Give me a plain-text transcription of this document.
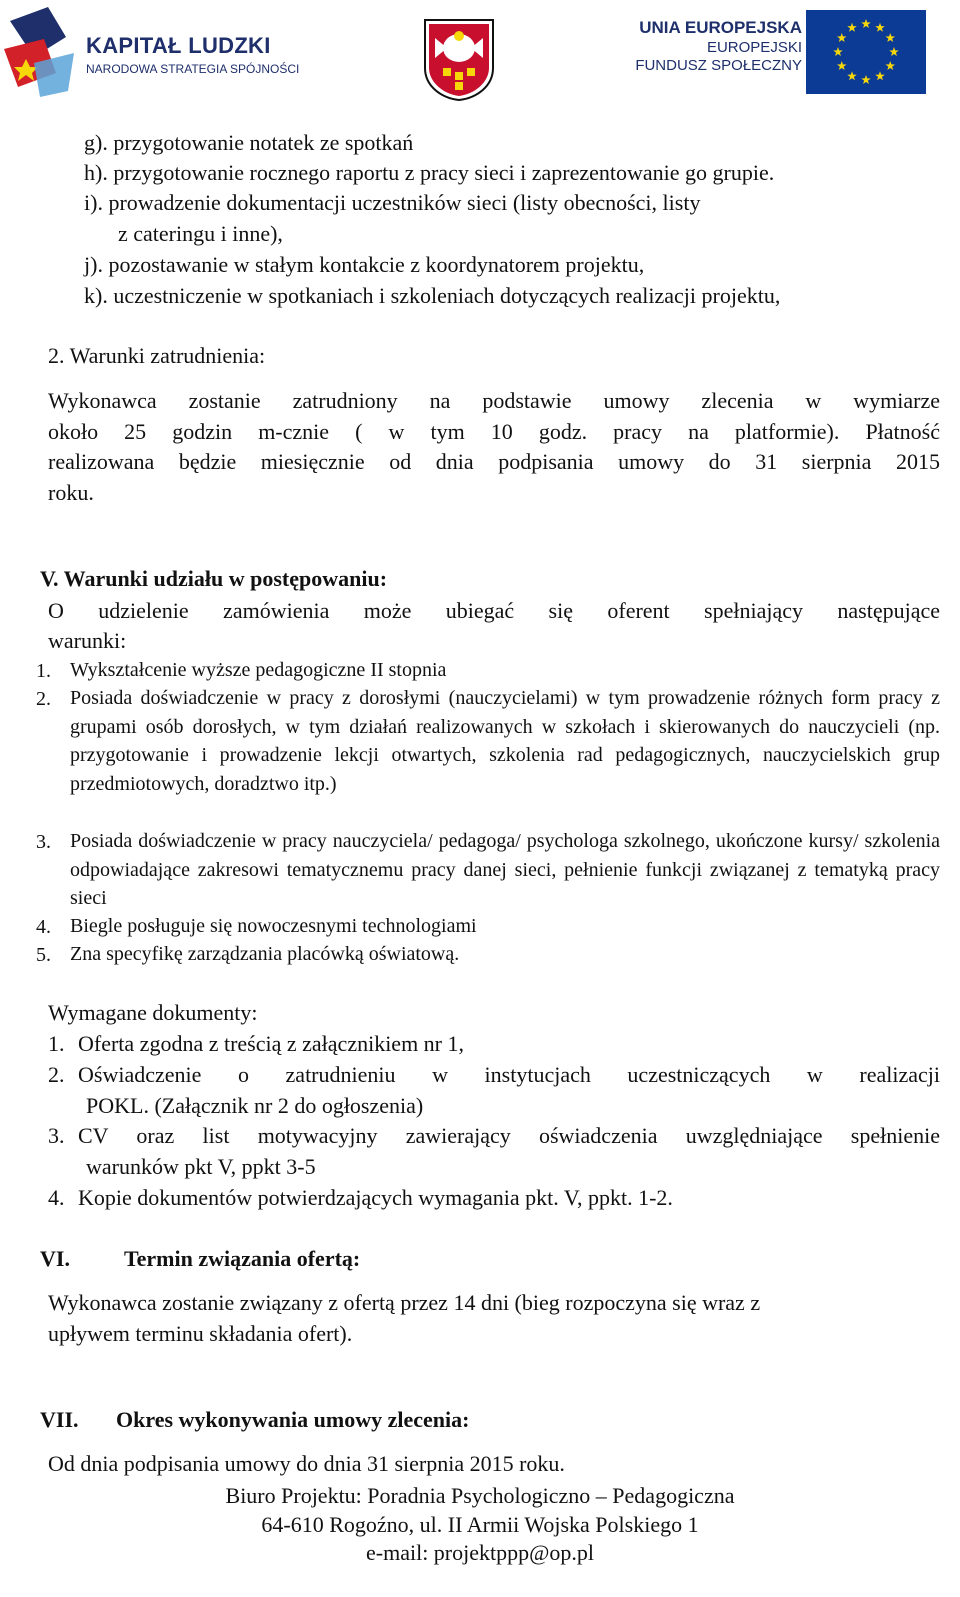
KAPITAŁ LUDZKI
NARODOWA STRATEGIA SPÓJNOŚCI
UNIA EUROPEJSKA
EUROPEJSKI
FUNDUSZ SPOŁECZNY
g). przygotowanie notatek ze spotkań
h). przygotowanie rocznego raportu z pracy sieci i zaprezentowanie go grupie.
i). prowadzenie dokumentacji uczestników sieci (listy obecności, listy
z cateringu i inne),
j). pozostawanie w stałym kontakcie z koordynatorem projektu,
k). uczestniczenie w spotkaniach i szkoleniach dotyczących realizacji projektu,
2. Warunki zatrudnienia:
Wykonawca zostanie zatrudniony na podstawie umowy zlecenia w wymiarze
około 25 godzin m-cznie ( w tym 10 godz. pracy na platformie). Płatność
realizowana będzie miesięcznie od dnia podpisania umowy do 31 sierpnia 2015
roku.
V. Warunki udziału w postępowaniu:
O udzielenie zamówienia może ubiegać się oferent spełniający następujące
warunki:
1. Wykształcenie wyższe pedagogiczne II stopnia
2. Posiada doświadczenie w pracy z dorosłymi (nauczycielami) w tym prowadzenie różnych form pracy z grupami osób dorosłych, w tym działań realizowanych w szkołach i skierowanych do nauczycieli (np. przygotowanie i prowadzenie lekcji otwartych, szkolenia rad pedagogicznych, nauczycielskich grup przedmiotowych, doradztwo itp.)
3. Posiada doświadczenie w pracy nauczyciela/ pedagoga/ psychologa szkolnego, ukończone kursy/ szkolenia odpowiadające zakresowi tematycznemu pracy danej sieci, pełnienie funkcji związanej z tematyką pracy sieci
4. Biegle posługuje się nowoczesnymi technologiami
5. Zna specyfikę zarządzania placówką oświatową.
Wymagane dokumenty:
1. Oferta zgodna z treścią z załącznikiem nr 1,
2. Oświadczenie o zatrudnieniu w instytucjach uczestniczących w realizacji
POKL. (Załącznik nr 2 do ogłoszenia)
3. CV oraz list motywacyjny zawierający oświadczenia uwzględniające spełnienie
warunków pkt V, ppkt 3-5
4. Kopie dokumentów potwierdzających wymagania pkt. V, ppkt. 1-2.
VI. Termin związania ofertą:
Wykonawca zostanie związany z ofertą przez 14 dni (bieg rozpoczyna się wraz z
upływem terminu składania ofert).
VII. Okres wykonywania umowy zlecenia:
Od dnia podpisania umowy do dnia 31 sierpnia 2015 roku.
Biuro Projektu: Poradnia Psychologiczno – Pedagogiczna
64-610 Rogoźno, ul. II Armii Wojska Polskiego 1
e-mail: projektppp@op.pl
